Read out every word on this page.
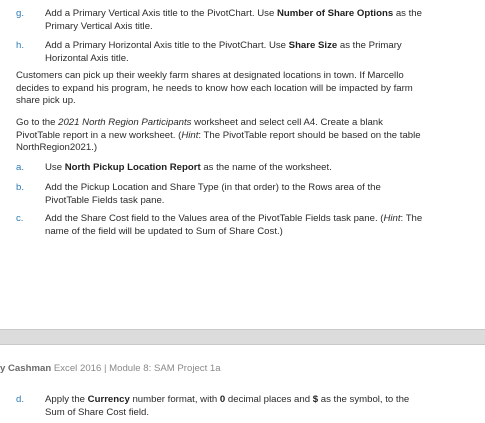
g.	Add a Primary Vertical Axis title to the PivotChart. Use Number of Share Options as the Primary Vertical Axis title.
h.	Add a Primary Horizontal Axis title to the PivotChart. Use Share Size as the Primary Horizontal Axis title.
Customers can pick up their weekly farm shares at designated locations in town. If Marcello decides to expand his program, he needs to know how each location will be impacted by farm share pick up.
Go to the 2021 North Region Participants worksheet and select cell A4. Create a blank PivotTable report in a new worksheet. (Hint: The PivotTable report should be based on the table NorthRegion2021.)
a.	Use North Pickup Location Report as the name of the worksheet.
b.	Add the Pickup Location and Share Type (in that order) to the Rows area of the PivotTable Fields task pane.
c.	Add the Share Cost field to the Values area of the PivotTable Fields task pane. (Hint: The name of the field will be updated to Sum of Share Cost.)
y Cashman Excel 2016 | Module 8: SAM Project 1a
d.	Apply the Currency number format, with 0 decimal places and $ as the symbol, to the Sum of Share Cost field.
